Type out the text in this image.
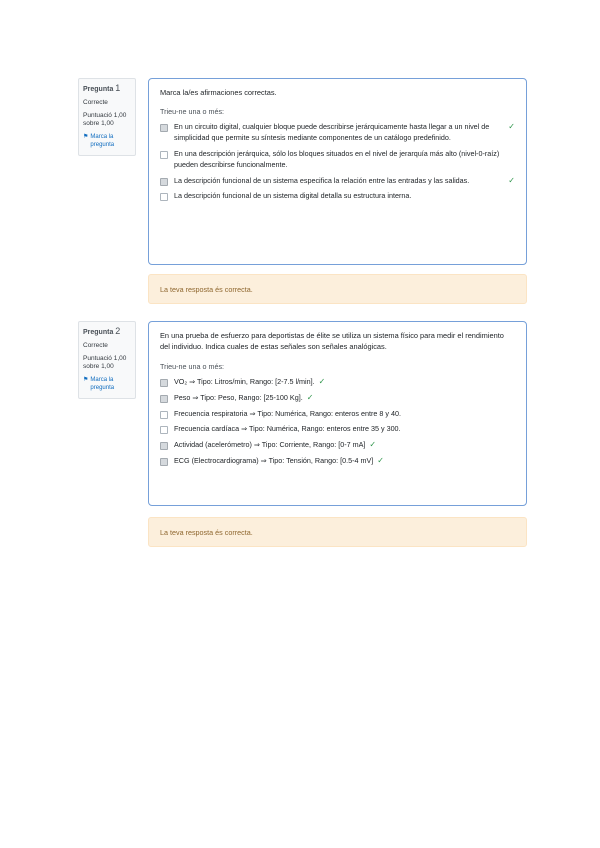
Pregunta 1
Correcte
Puntuació 1,00 sobre 1,00
⚑ Marca la pregunta
Marca la/es afirmaciones correctas.
Trieu-ne una o més:
En un circuito digital, cualquier bloque puede describirse jerárquicamente hasta llegar a un nivel de simplicidad que permite su síntesis mediante componentes de un catálogo predefinido.
✓
En una descripción jerárquica, sólo los bloques situados en el nivel de jerarquía más alto (nivel-0-raíz) pueden describirse funcionalmente.
La descripción funcional de un sistema especifica la relación entre las entradas y las salidas.	✓
La descripción funcional de un sistema digital detalla su estructura interna.
La teva resposta és correcta.
Pregunta 2
Correcte
Puntuació 1,00 sobre 1,00
⚑ Marca la pregunta
En una prueba de esfuerzo para deportistas de élite se utiliza un sistema físico para medir el rendimiento del individuo. Indica cuales de estas señales son señales analógicas.
Trieu-ne una o més:
VO₂ ⇒ Tipo: Litros/min, Rango: [2-7.5 l/min]. ✓
Peso ⇒ Tipo: Peso, Rango: [25-100 Kg]. ✓
Frecuencia respiratoria ⇒ Tipo: Numérica, Rango: enteros entre 8 y 40.
Frecuencia cardíaca ⇒ Tipo: Numérica, Rango: enteros entre 35 y 300.
Actividad (acelerómetro) ⇒ Tipo: Corriente, Rango: [0-7 mA] ✓
ECG (Electrocardiograma) ⇒ Tipo: Tensión, Rango: [0.5-4 mV] ✓
La teva resposta és correcta.
